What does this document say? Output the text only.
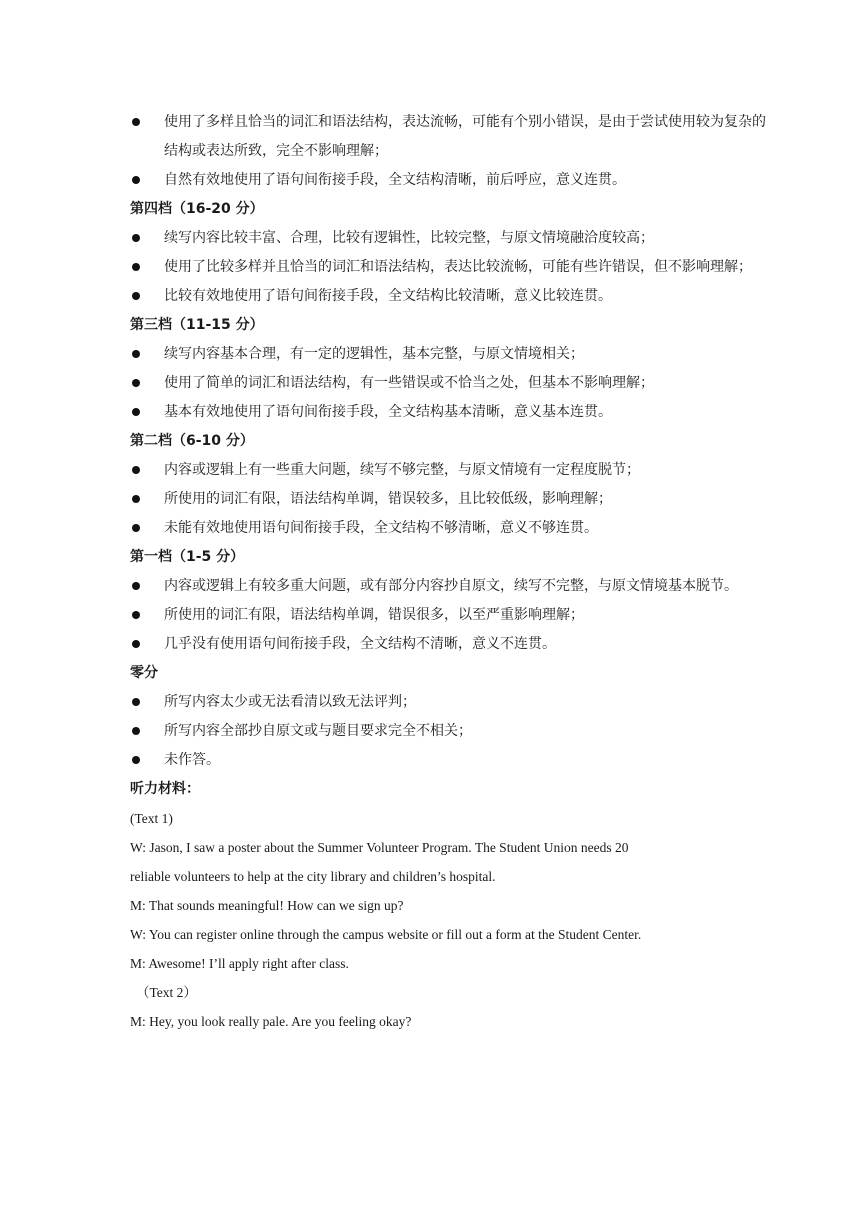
使用了多样且恰当的词汇和语法结构，表达流畅，可能有个别小错误，是由于尝试使用较为复杂的结构或表达所致，完全不影响理解；
自然有效地使用了语句间衔接手段，全文结构清晰，前后呼应，意义连贯。
第四档（16-20 分）
续写内容比较丰富、合理，比较有逻辑性，比较完整，与原文情境融洽度较高；
使用了比较多样并且恰当的词汇和语法结构，表达比较流畅，可能有些许错误，但不影响理解；
比较有效地使用了语句间衔接手段，全文结构比较清晰，意义比较连贯。
第三档（11-15 分）
续写内容基本合理，有一定的逻辑性，基本完整，与原文情境相关；
使用了简单的词汇和语法结构，有一些错误或不恰当之处，但基本不影响理解；
基本有效地使用了语句间衔接手段，全文结构基本清晰，意义基本连贯。
第二档（6-10 分）
内容或逻辑上有一些重大问题，续写不够完整，与原文情境有一定程度脱节；
所使用的词汇有限，语法结构单调，错误较多，且比较低级，影响理解；
未能有效地使用语句间衔接手段，全文结构不够清晰，意义不够连贯。
第一档（1-5 分）
内容或逻辑上有较多重大问题，或有部分内容抄自原文，续写不完整，与原文情境基本脱节。
所使用的词汇有限，语法结构单调，错误很多，以至严重影响理解；
几乎没有使用语句间衔接手段，全文结构不清晰，意义不连贯。
零分
所写内容太少或无法看清以致无法评判；
所写内容全部抄自原文或与题目要求完全不相关；
未作答。
听力材料：
(Text 1)
W: Jason, I saw a poster about the Summer Volunteer Program. The Student Union needs 20
reliable volunteers to help at the city library and children’s hospital.
M: That sounds meaningful! How can we sign up?
W: You can register online through the campus website or fill out a form at the Student Center.
M: Awesome! I’ll apply right after class.
（Text 2）
M: Hey, you look really pale. Are you feeling okay?
